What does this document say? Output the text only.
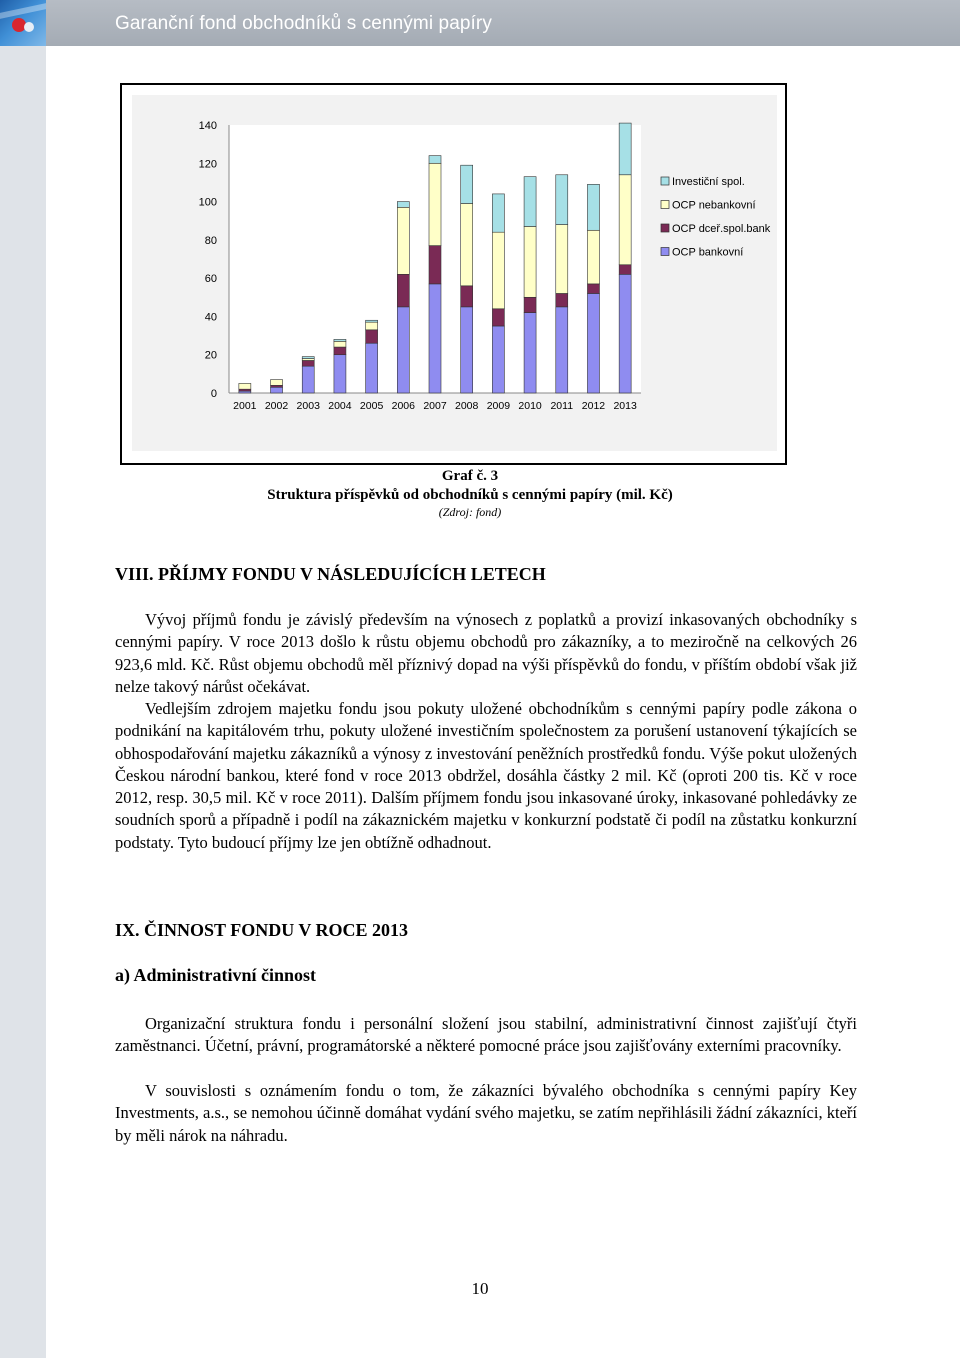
Garanční fond obchodníků s cennými papíry
0
20
40
60
80
100
120
140
2001 2002 2003 2004 2005 2006 2007 2008 2009 2010 2011 2012 2013
Investiční spol.
OCP nebankovní
OCP dceř.spol.bank
OCP bankovní
Graf č. 3
Struktura příspěvků od obchodníků s cennými papíry (mil. Kč)
(Zdroj: fond)
VIII. PŘÍJMY FONDU V NÁSLEDUJÍCÍCH LETECH

Vývoj příjmů fondu je závislý především na výnosech z poplatků a provizí inkasovaných obchodníky s cennými papíry. V roce 2013 došlo k růstu objemu obchodů pro zákazníky, a to meziročně na celkových 26 923,6 mld. Kč. Růst objemu obchodů měl příznivý dopad na výši příspěvků do fondu, v příštím období však již nelze takový nárůst očekávat.

Vedlejším zdrojem majetku fondu jsou pokuty uložené obchodníkům s cennými papíry podle zákona o podnikání na kapitálovém trhu, pokuty uložené investičním společnostem za porušení ustanovení týkajících se obhospodařování majetku zákazníků a výnosy z investování peněžních prostředků fondu. Výše pokut uložených Českou národní bankou, které fond v roce 2013 obdržel, dosáhla částky 2 mil. Kč (oproti 200 tis. Kč v roce 2012, resp. 30,5 mil. Kč v roce 2011). Dalším příjmem fondu jsou inkasované úroky, inkasované pohledávky ze soudních sporů a případně i podíl na zákaznickém majetku v konkurzní podstatě či podíl na zůstatku konkurzní podstaty. Tyto budoucí příjmy lze jen obtížně odhadnout.

IX. ČINNOST FONDU V ROCE 2013
a) Administrativní činnost

Organizační struktura fondu i personální složení jsou stabilní, administrativní činnost zajišťují čtyři zaměstnanci. Účetní, právní, programátorské a některé pomocné práce jsou zajišťovány externími pracovníky.

V souvislosti s oznámením fondu o tom, že zákazníci bývalého obchodníka s cennými papíry Key Investments, a.s., se nemohou účinně domáhat vydání svého majetku, se zatím nepřihlásili žádní zákazníci, kteří by měli nárok na náhradu.

10
